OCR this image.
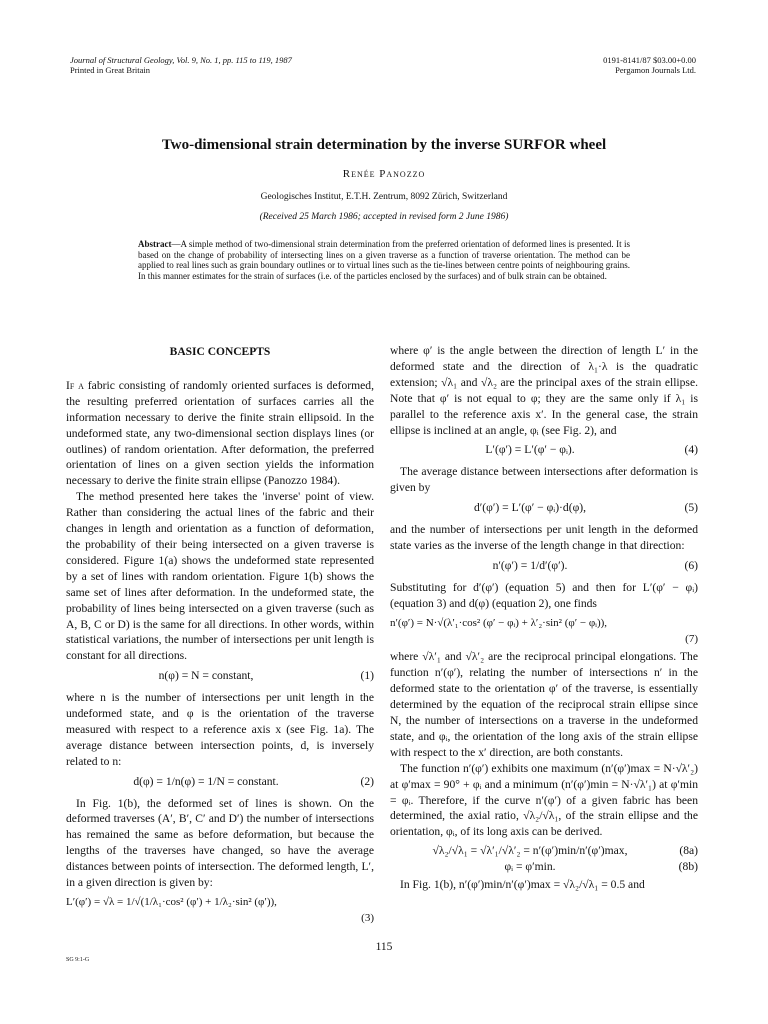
Journal of Structural Geology, Vol. 9, No. 1, pp. 115 to 119, 1987
Printed in Great Britain
0191-8141/87 $03.00+0.00
Pergamon Journals Ltd.
Two-dimensional strain determination by the inverse SURFOR wheel
Renée Panozzo
Geologisches Institut, E.T.H. Zentrum, 8092 Zürich, Switzerland
(Received 25 March 1986; accepted in revised form 2 June 1986)
Abstract—A simple method of two-dimensional strain determination from the preferred orientation of deformed lines is presented. It is based on the change of probability of intersecting lines on a given traverse as a function of traverse orientation. The method can be applied to real lines such as grain boundary outlines or to virtual lines such as the tie-lines between centre points of neighbouring grains. In this manner estimates for the strain of surfaces (i.e. of the particles enclosed by the surfaces) and of bulk strain can be obtained.
BASIC CONCEPTS

If a fabric consisting of randomly oriented surfaces is deformed, the resulting preferred orientation of surfaces carries all the information necessary to derive the finite strain ellipsoid. In the undeformed state, any two-dimensional section displays lines (or outlines) of random orientation. After deformation, the preferred orientation of lines on a given section yields the information necessary to derive the finite strain ellipse (Panozzo 1984).

The method presented here takes the 'inverse' point of view. Rather than considering the actual lines of the fabric and their changes in length and orientation as a function of deformation, the probability of their being intersected on a given traverse is considered. Figure 1(a) shows the undeformed state represented by a set of lines with random orientation. Figure 1(b) shows the same set of lines after deformation. In the undeformed state, the probability of lines being intersected on a given traverse (such as A, B, C or D) is the same for all directions. In other words, within statistical variations, the number of intersections per unit length is constant for all directions.

n(φ) = N = constant,	(1)

where n is the number of intersections per unit length in the undeformed state, and φ is the orientation of the traverse measured with respect to a reference axis x (see Fig. 1a). The average distance between intersection points, d, is inversely related to n:

d(φ) = 1/n(φ) = 1/N = constant.	(2)

In Fig. 1(b), the deformed set of lines is shown. On the deformed traverses (A′, B′, C′ and D′) the number of intersections has remained the same as before deformation, but because the lengths of the traverses have changed, so have the average distances between points of intersection. The deformed length, L′, in a given direction is given by:

L′(φ′) = √λ = 1/√(1/λ₁·cos² (φ′) + 1/λ₂·sin² (φ′)),
(3)

where φ′ is the angle between the direction of length L′ in the deformed state and the direction of λ₁·λ is the quadratic extension; √λ₁ and √λ₂ are the principal axes of the strain ellipse. Note that φ′ is not equal to φ; they are the same only if λ₁ is parallel to the reference axis x′. In the general case, the strain ellipse is inclined at an angle, φᵢ (see Fig. 2), and

L′(φ′) = L′(φ′ − φᵢ).	(4)

The average distance between intersections after deformation is given by

d′(φ′) = L′(φ′ − φᵢ)·d(φ),	(5)

and the number of intersections per unit length in the deformed state varies as the inverse of the length change in that direction:

n′(φ′) = 1/d′(φ′).	(6)

Substituting for d′(φ′) (equation 5) and then for L′(φ′ − φᵢ) (equation 3) and d(φ) (equation 2), one finds

n′(φ′) = N·√(λ′₁·cos² (φ′ − φᵢ) + λ′₂·sin² (φ′ − φᵢ)),
(7)

where √λ′₁ and √λ′₂ are the reciprocal principal elongations. The function n′(φ′), relating the number of intersections n′ in the deformed state to the orientation φ′ of the traverse, is essentially determined by the equation of the reciprocal strain ellipse since N, the number of intersections on a traverse in the undeformed state, and φᵢ, the orientation of the long axis of the strain ellipse with respect to the x′ direction, are both constants.

The function n′(φ′) exhibits one maximum (n′(φ′)max = N·√λ′₂) at φ′max = 90° + φᵢ and a minimum (n′(φ′)min = N·√λ′₁) at φ′min = φᵢ. Therefore, if the curve n′(φ′) of a given fabric has been determined, the axial ratio, √λ₂/√λ₁, of the strain ellipse and the orientation, φᵢ, of its long axis can be derived.

√λ₂/√λ₁ = √λ′₁/√λ′₂ = n′(φ′)min/n′(φ′)max,	(8a)
φᵢ = φ′min.	(8b)

In Fig. 1(b), n′(φ′)min/n′(φ′)max = √λ₂/√λ₁ = 0.5 and

115
SG 9:1-G
